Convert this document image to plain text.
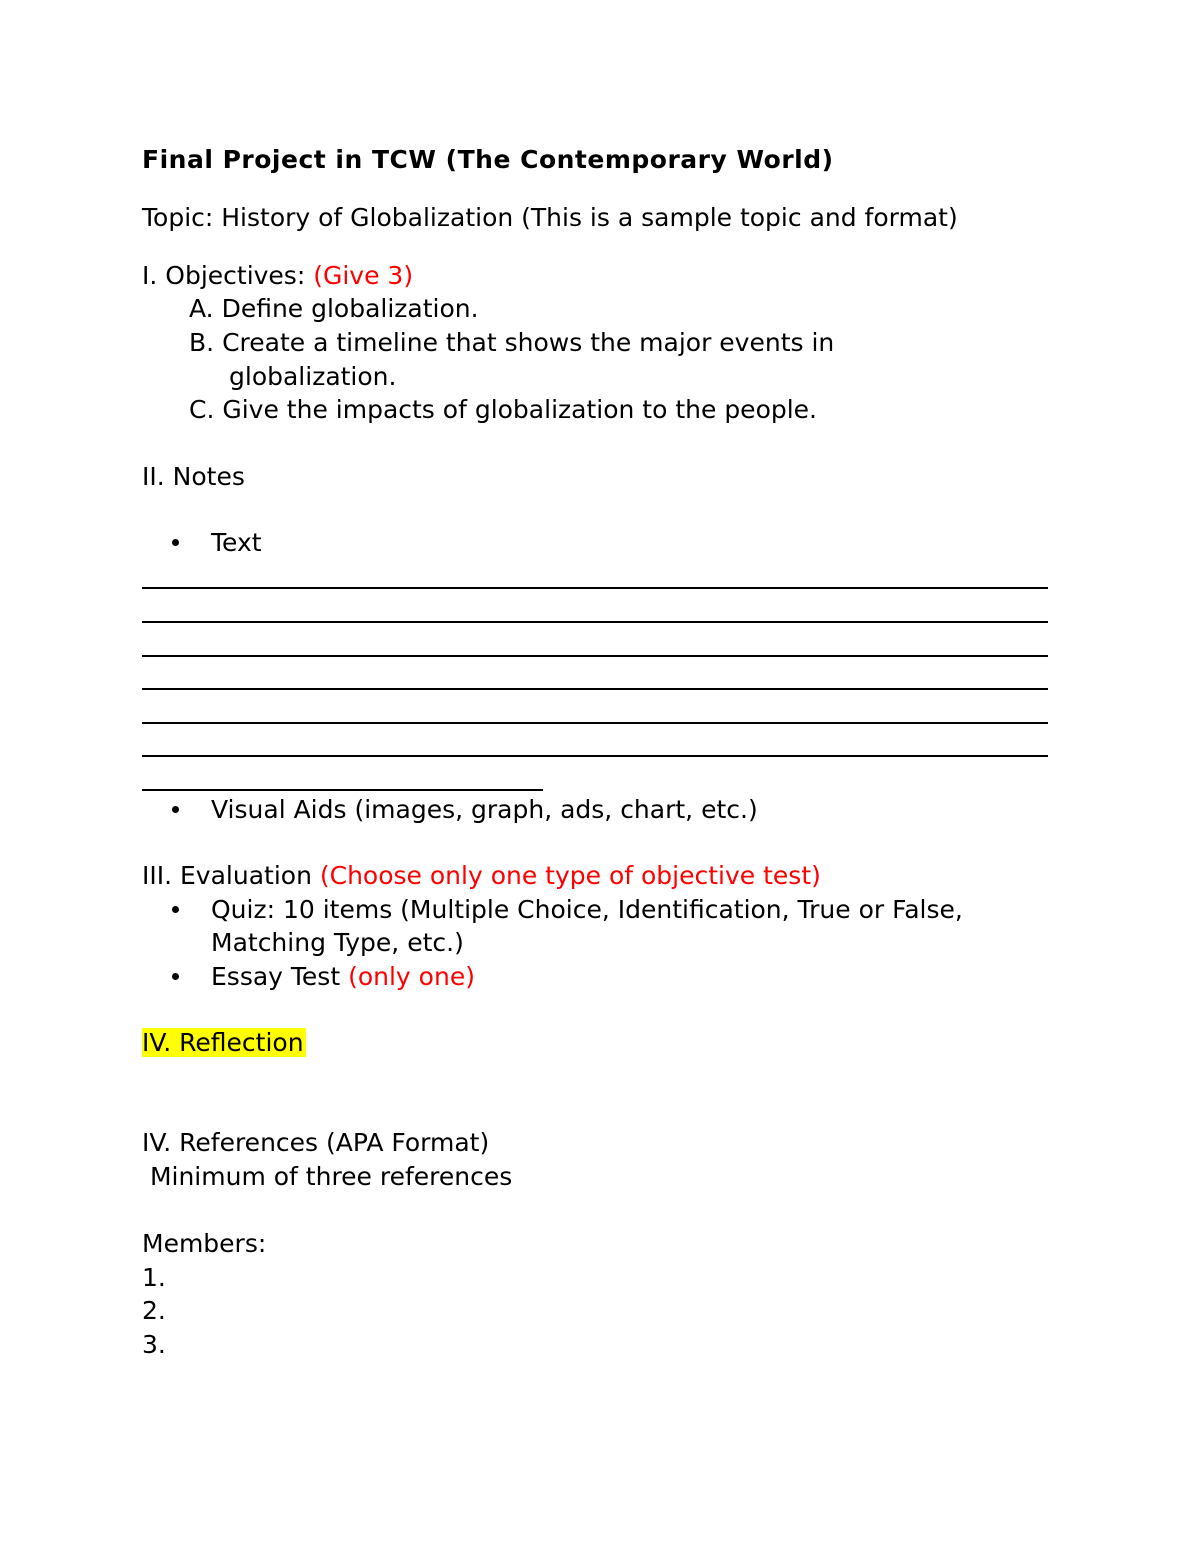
Final Project in TCW (The Contemporary World)
Topic: History of Globalization (This is a sample topic and format)
I. Objectives: (Give 3)
A. Define globalization.
B. Create a timeline that shows the major events in
globalization.
C. Give the impacts of globalization to the people.
II. Notes
Text
Visual Aids (images, graph, ads, chart, etc.)
III. Evaluation (Choose only one type of objective test)
Quiz: 10 items (Multiple Choice, Identification, True or False,
Matching Type, etc.)
Essay Test (only one)
IV. Reflection
IV. References (APA Format)
Minimum of three references
Members:
1.
2.
3.
